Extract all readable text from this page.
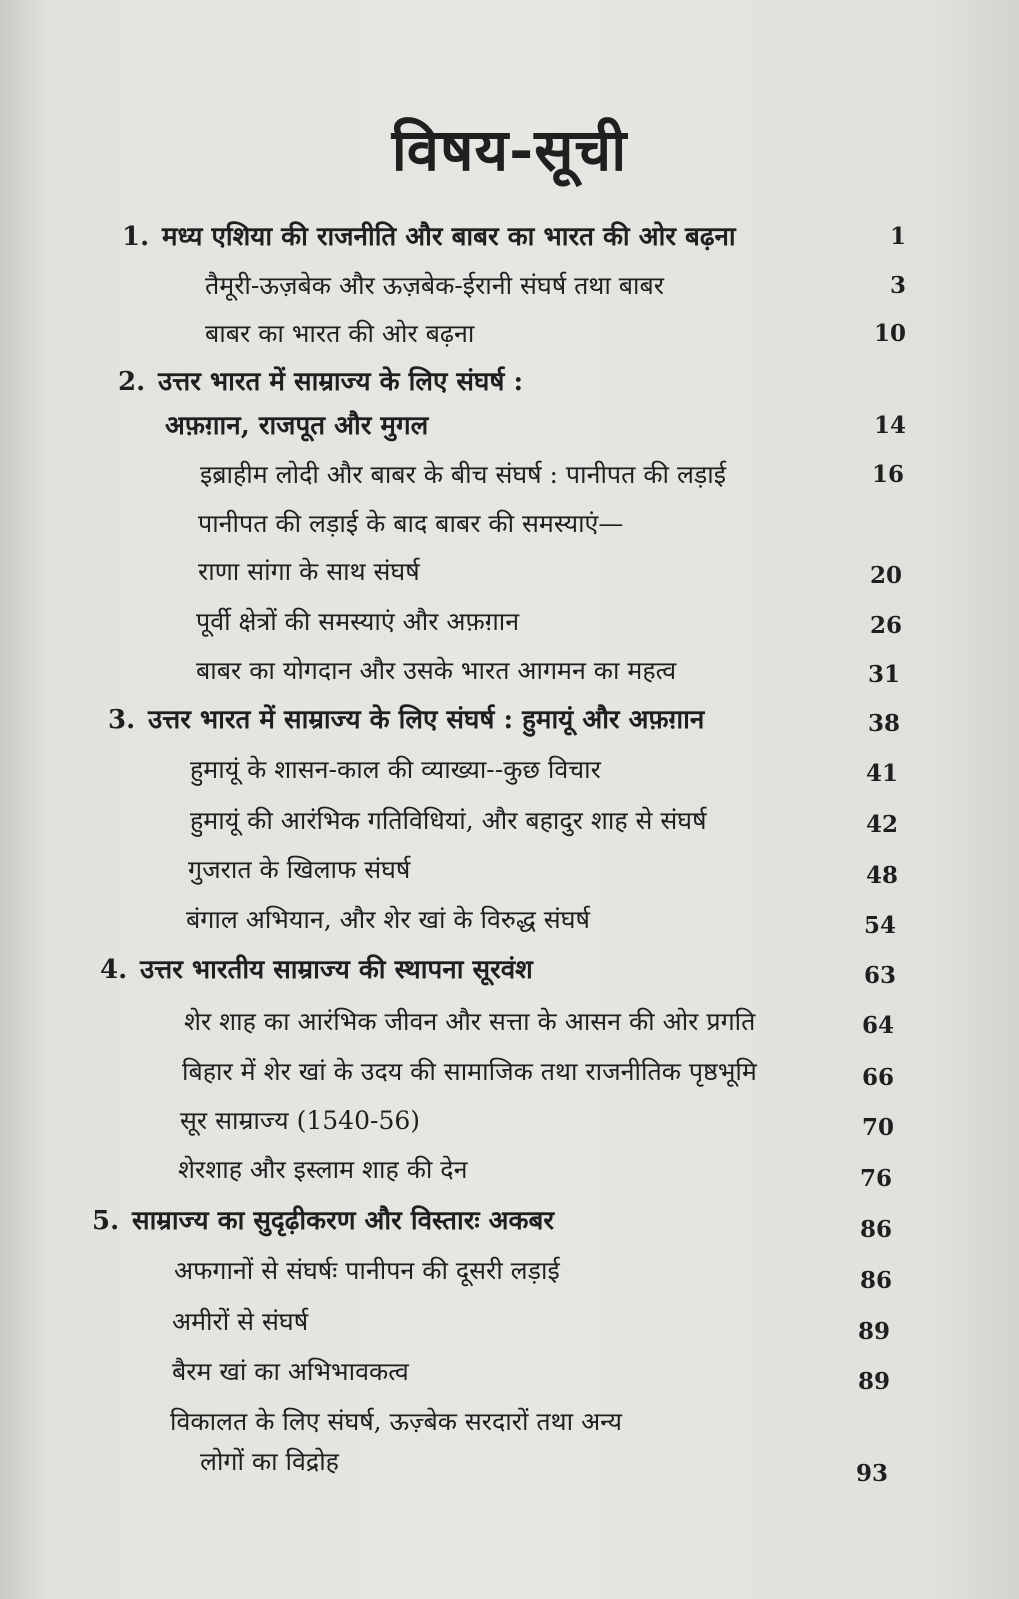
विषय-सूची
1. मध्य एशिया की राजनीति और बाबर का भारत की ओर बढ़ना	1
तैमूरी-ऊज़बेक और ऊज़बेक-ईरानी संघर्ष तथा बाबर	3
बाबर का भारत की ओर बढ़ना	10
2. उत्तर भारत में साम्राज्य के लिए संघर्ष :
अफ़ग़ान, राजपूत और मुगल	14
इब्राहीम लोदी और बाबर के बीच संघर्ष : पानीपत की लड़ाई	16
पानीपत की लड़ाई के बाद बाबर की समस्याएं—
राणा सांगा के साथ संघर्ष	20
पूर्वी क्षेत्रों की समस्याएं और अफ़ग़ान	26
बाबर का योगदान और उसके भारत आगमन का महत्व	31
3. उत्तर भारत में साम्राज्य के लिए संघर्ष : हुमायूं और अफ़ग़ान	38
हुमायूं के शासन-काल की व्याख्या--कुछ विचार	41
हुमायूं की आरंभिक गतिविधियां, और बहादुर शाह से संघर्ष	42
गुजरात के खिलाफ संघर्ष	48
बंगाल अभियान, और शेर खां के विरुद्ध संघर्ष	54
4. उत्तर भारतीय साम्राज्य की स्थापना सूरवंश	63
शेर शाह का आरंभिक जीवन और सत्ता के आसन की ओर प्रगति	64
बिहार में शेर खां के उदय की सामाजिक तथा राजनीतिक पृष्ठभूमि	66
सूर साम्राज्य (1540-56)	70
शेरशाह और इस्लाम शाह की देन	76
5. साम्राज्य का सुदृढ़ीकरण और विस्तारः अकबर	86
अफगानों से संघर्षः पानीपन की दूसरी लड़ाई	86
अमीरों से संघर्ष	89
बैरम खां का अभिभावकत्व	89
विकालत के लिए संघर्ष, ऊज़्बेक सरदारों तथा अन्य
लोगों का विद्रोह	93
